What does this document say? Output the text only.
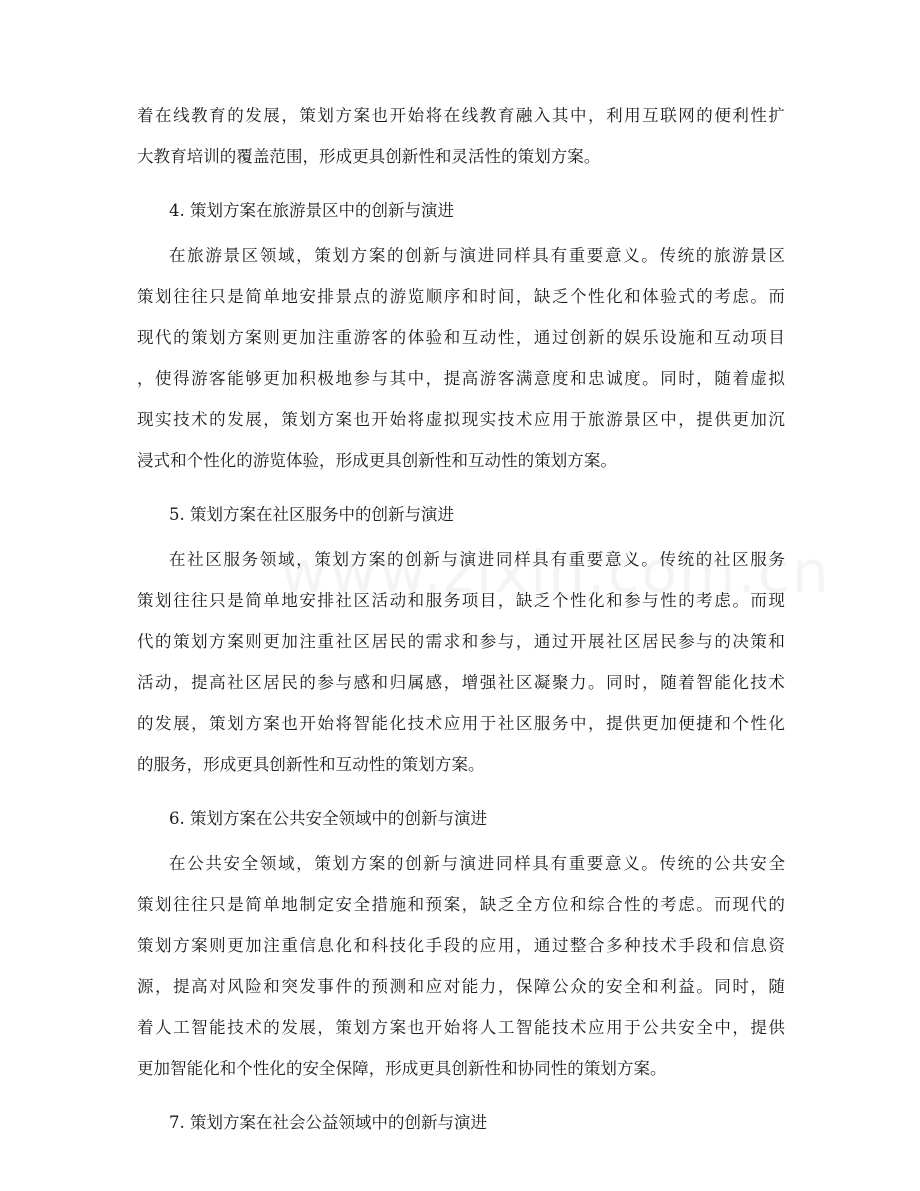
着在线教育的发展，策划方案也开始将在线教育融入其中，利用互联网的便利性扩
大教育培训的覆盖范围，形成更具创新性和灵活性的策划方案。
4. 策划方案在旅游景区中的创新与演进
在旅游景区领域，策划方案的创新与演进同样具有重要意义。传统的旅游景区
策划往往只是简单地安排景点的游览顺序和时间，缺乏个性化和体验式的考虑。而
现代的策划方案则更加注重游客的体验和互动性，通过创新的娱乐设施和互动项目
，使得游客能够更加积极地参与其中，提高游客满意度和忠诚度。同时，随着虚拟
现实技术的发展，策划方案也开始将虚拟现实技术应用于旅游景区中，提供更加沉
浸式和个性化的游览体验，形成更具创新性和互动性的策划方案。
5. 策划方案在社区服务中的创新与演进
在社区服务领域，策划方案的创新与演进同样具有重要意义。传统的社区服务
策划往往只是简单地安排社区活动和服务项目，缺乏个性化和参与性的考虑。而现
代的策划方案则更加注重社区居民的需求和参与，通过开展社区居民参与的决策和
活动，提高社区居民的参与感和归属感，增强社区凝聚力。同时，随着智能化技术
的发展，策划方案也开始将智能化技术应用于社区服务中，提供更加便捷和个性化
的服务，形成更具创新性和互动性的策划方案。
6. 策划方案在公共安全领域中的创新与演进
在公共安全领域，策划方案的创新与演进同样具有重要意义。传统的公共安全
策划往往只是简单地制定安全措施和预案，缺乏全方位和综合性的考虑。而现代的
策划方案则更加注重信息化和科技化手段的应用，通过整合多种技术手段和信息资
源，提高对风险和突发事件的预测和应对能力，保障公众的安全和利益。同时，随
着人工智能技术的发展，策划方案也开始将人工智能技术应用于公共安全中，提供
更加智能化和个性化的安全保障，形成更具创新性和协同性的策划方案。
7. 策划方案在社会公益领域中的创新与演进
